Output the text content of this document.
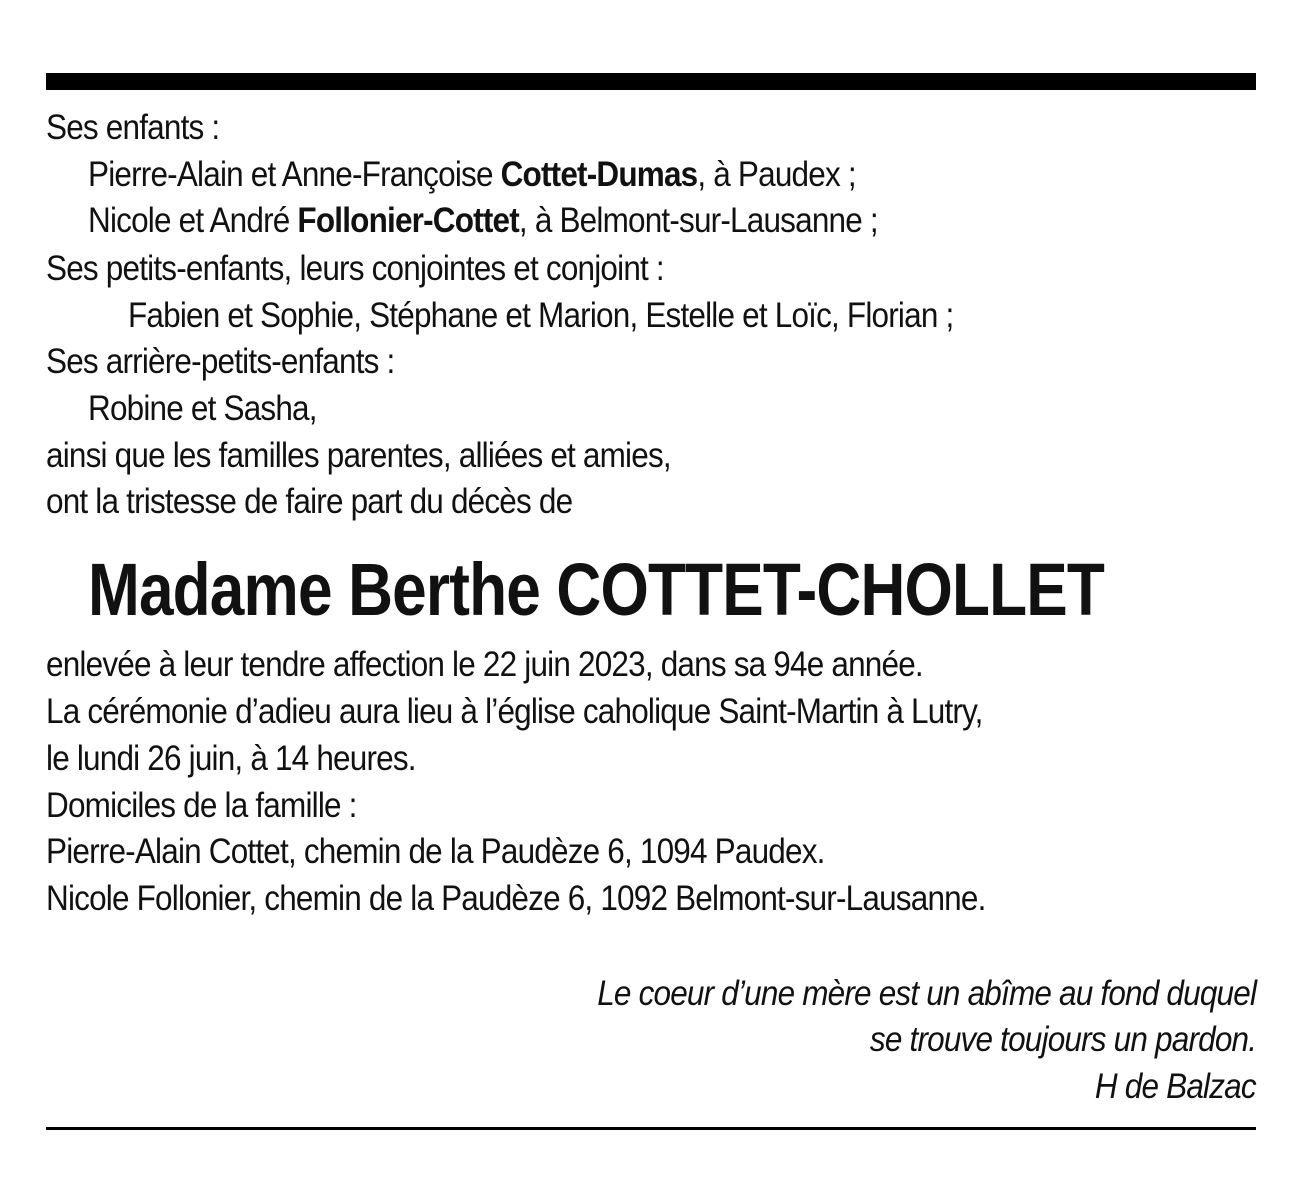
Ses enfants :
Pierre-Alain et Anne-Françoise Cottet-Dumas, à Paudex ;
Nicole et André Follonier-Cottet, à Belmont-sur-Lausanne ;
Ses petits-enfants, leurs conjointes et conjoint :
Fabien et Sophie, Stéphane et Marion, Estelle et Loïc, Florian ;
Ses arrière-petits-enfants :
Robine et Sasha,
ainsi que les familles parentes, alliées et amies,
ont la tristesse de faire part du décès de
Madame Berthe COTTET-CHOLLET
enlevée à leur tendre affection le 22 juin 2023, dans sa 94e année.
La cérémonie d’adieu aura lieu à l’église caholique Saint-Martin à Lutry,
le lundi 26 juin, à 14 heures.
Domiciles de la famille :
Pierre-Alain Cottet, chemin de la Paudèze 6, 1094 Paudex.
Nicole Follonier, chemin de la Paudèze 6, 1092 Belmont-sur-Lausanne.
Le coeur d’une mère est un abîme au fond duquel
se trouve toujours un pardon.
H de Balzac
